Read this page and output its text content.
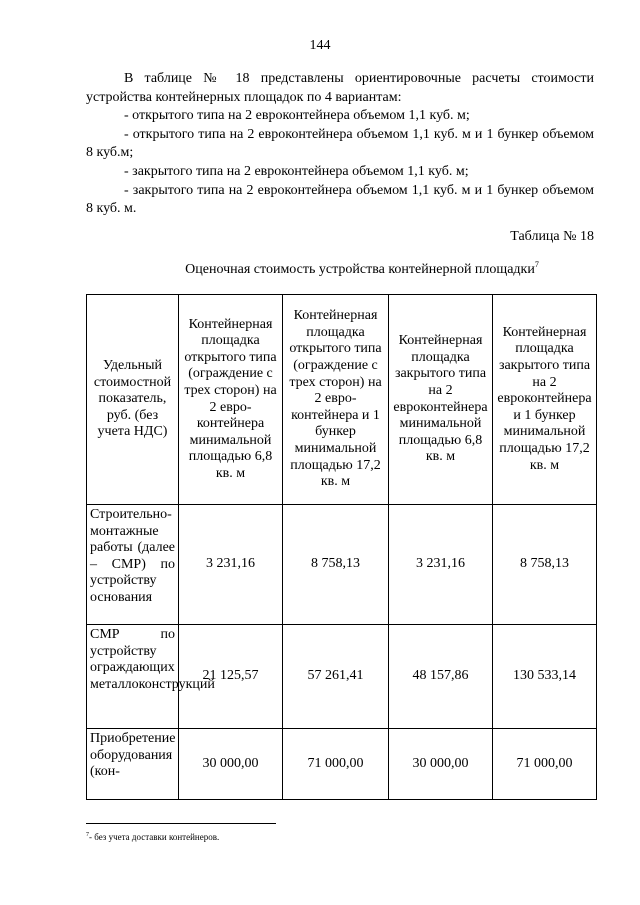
144

В таблице № 18 представлены ориентировочные расчеты стоимости устройства контейнерных площадок по 4 вариантам:

- открытого типа на 2 евроконтейнера объемом 1,1 куб. м;

- открытого типа на 2 евроконтейнера объемом 1,1 куб. м и 1 бункер объемом 8 куб.м;

- закрытого типа на 2 евроконтейнера объемом 1,1 куб. м;

- закрытого типа на 2 евроконтейнера объемом 1,1 куб. м и 1 бункер объемом 8 куб. м.

Таблица № 18
Оценочная стоимость устройства контейнерной площадки$^7$
Удельный стоимостной показатель, руб. (без учета НДС)	Контейнерная площадка открытого типа (ограждение с трех сторон) на 2 евро-контейнера минимальной площадью 6,8 кв. м	Контейнерная площадка открытого типа (ограждение с трех сторон) на 2 евро-контейнера и 1 бункер минимальной площадью 17,2 кв. м	Контейнерная площадка закрытого типа на 2 евроконтейнера минимальной площадью 6,8 кв. м	Контейнерная площадка закрытого типа на 2 евроконтейнера и 1 бункер минимальной площадью 17,2 кв. м
Строительно-монтажные работы (далее – СМР) по устройству основания	3 231,16	8 758,13	3 231,16	8 758,13
СМР по устройству ограждающих металлоконструкций	21 125,57	57 261,41	48 157,86	130 533,14

Приобретение оборудования (кон-	30 000,00	71 000,00	30 000,00	71 000,00
$^7$- без учета доставки контейнеров.
